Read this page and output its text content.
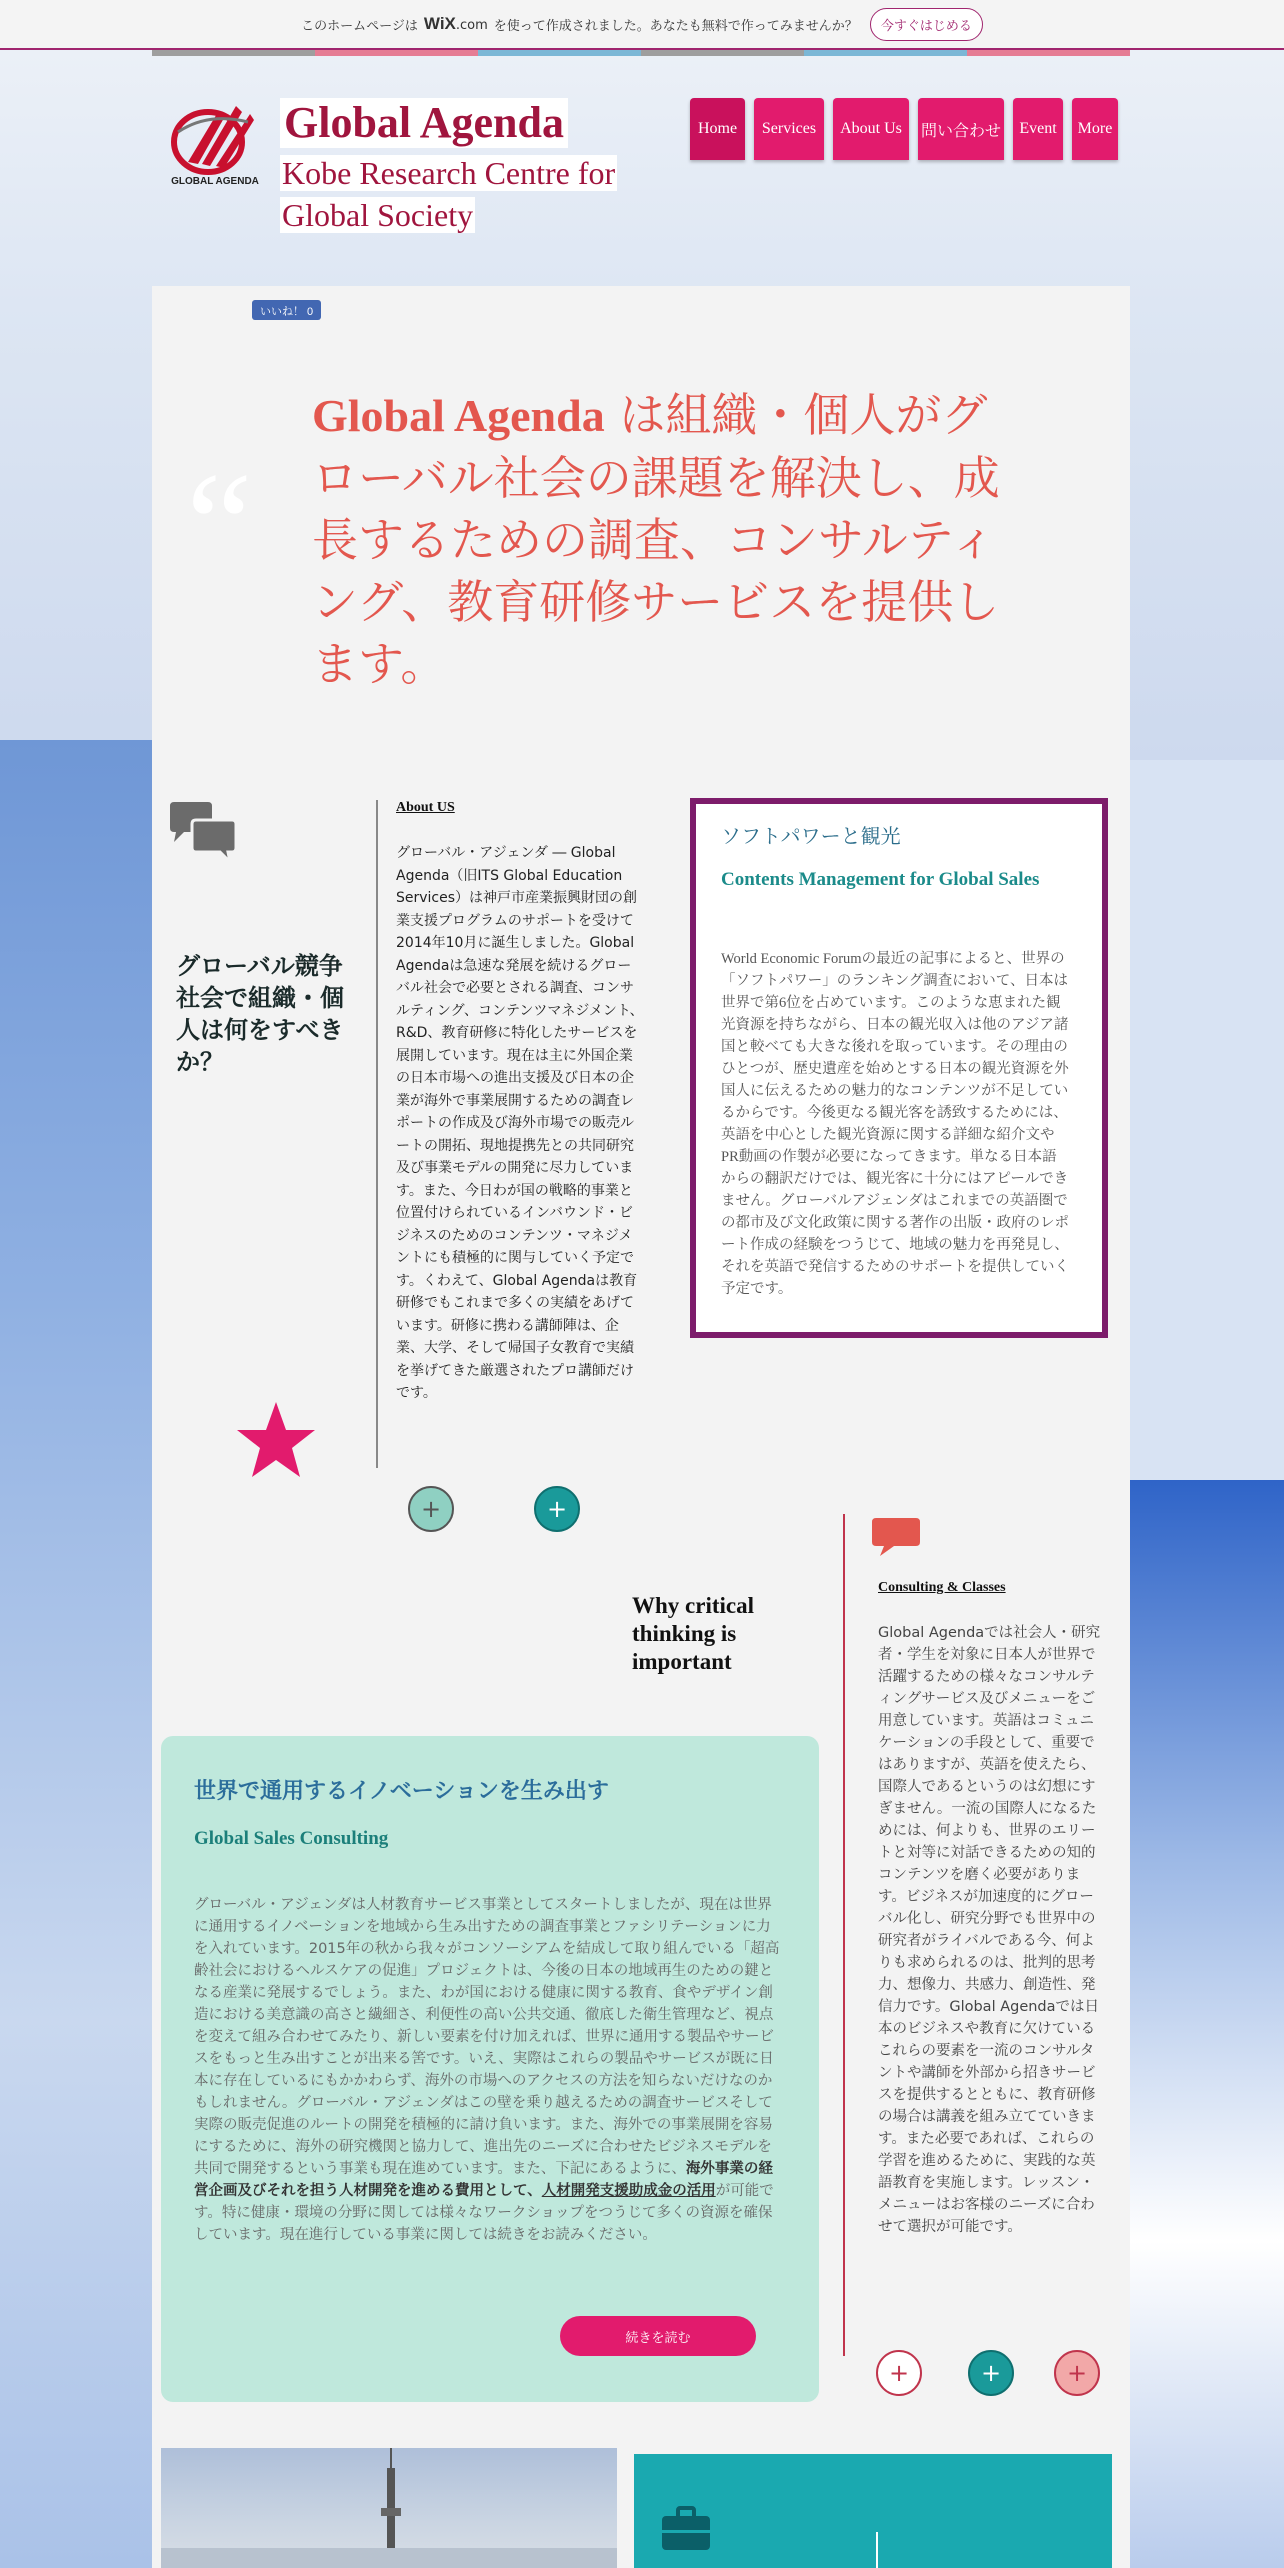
このホームページは WiX.com を使って作成されました。あなたも無料で作ってみませんか？	今すぐはじめる
GLOBAL AGENDA
Global Agenda
Kobe Research Centre for
Global Society
Home	Services	About Us	問い合わせ	Event	More
いいね！ 0
“
Global Agenda は組織・個人がグローバル社会の課題を解決し、成長するための調査、コンサルティング、教育研修サービスを提供します。
グローバル競争社会で組織・個人は何をすべきか？
About US
グローバル・アジェンダ ― Global Agenda（旧ITS Global Education Services）は神戸市産業振興財団の創業支援プログラムのサポートを受けて2014年10月に誕生しました。Global Agendaは急速な発展を続けるグローバル社会で必要とされる調査、コンサルティング、コンテンツマネジメント、R&D、教育研修に特化したサービスを展開しています。現在は主に外国企業の日本市場への進出支援及び日本の企業が海外で事業展開するための調査レポートの作成及び海外市場での販売ルートの開拓、現地提携先との共同研究及び事業モデルの開発に尽力しています。また、今日わが国の戦略的事業と位置付けられているインバウンド・ビジネスのためのコンテンツ・マネジメントにも積極的に関与していく予定です。くわえて、Global Agendaは教育研修でもこれまで多くの実績をあげています。研修に携わる講師陣は、企業、大学、そして帰国子女教育で実績を挙げてきた厳選されたプロ講師だけです。
ソフトパワーと観光
Contents Management for Global Sales
World Economic Forumの最近の記事によると、世界の「ソフトパワー」のランキング調査において、日本は世界で第6位を占めています。このような恵まれた観光資源を持ちながら、日本の観光収入は他のアジア諸国と較べても大きな後れを取っています。その理由のひとつが、歴史遺産を始めとする日本の観光資源を外国人に伝えるための魅力的なコンテンツが不足しているからです。今後更なる観光客を誘致するためには、英語を中心とした観光資源に関する詳細な紹介文やPR動画の作製が必要になってきます。単なる日本語からの翻訳だけでは、観光客に十分にはアピールできません。グローバルアジェンダはこれまでの英語圏での都市及び文化政策に関する著作の出版・政府のレポート作成の経験をつうじて、地域の魅力を再発見し、それを英語で発信するためのサポートを提供していく予定です。
+	+
Why critical thinking is important
世界で通用するイノベーションを生み出す
Global Sales Consulting
グローバル・アジェンダは人材教育サービス事業としてスタートしましたが、現在は世界に通用するイノベーションを地域から生み出すための調査事業とファシリテーションに力を入れています。2015年の秋から我々がコンソーシアムを結成して取り組んでいる「超高齢社会におけるヘルスケアの促進」プロジェクトは、今後の日本の地域再生のための鍵となる産業に発展するでしょう。また、わが国における健康に関する教育、食やデザイン創造における美意識の高さと繊細さ、利便性の高い公共交通、徹底した衛生管理など、視点を変えて組み合わせてみたり、新しい要素を付け加えれば、世界に通用する製品やサービスをもっと生み出すことが出来る筈です。いえ、実際はこれらの製品やサービスが既に日本に存在しているにもかかわらず、海外の市場へのアクセスの方法を知らないだけなのかもしれません。グローバル・アジェンダはこの壁を乗り越えるための調査サービスそして実際の販売促進のルートの開発を積極的に請け負います。また、海外での事業展開を容易にするために、海外の研究機関と協力して、進出先のニーズに合わせたビジネスモデルを共同で開発するという事業も現在進めています。また、下記にあるように、海外事業の経営企画及びそれを担う人材開発を進める費用として、人材開発支援助成金の活用が可能です。特に健康・環境の分野に関しては様々なワークショップをつうじて多くの資源を確保しています。現在進行している事業に関しては続きをお読みください。
続きを読む
Consulting & Classes
Global Agendaでは社会人・研究者・学生を対象に日本人が世界で活躍するための様々なコンサルティングサービス及びメニューをご用意しています。英語はコミュニケーションの手段として、重要ではありますが、英語を使えたら、国際人であるというのは幻想にすぎません。一流の国際人になるためには、何よりも、世界のエリートと対等に対話できるための知的コンテンツを磨く必要があります。ビジネスが加速度的にグローバル化し、研究分野でも世界中の研究者がライバルである今、何よりも求められるのは、批判的思考力、想像力、共感力、創造性、発信力です。Global Agendaでは日本のビジネスや教育に欠けているこれらの要素を一流のコンサルタントや講師を外部から招きサービスを提供するとともに、教育研修の場合は講義を組み立てていきます。また必要であれば、これらの学習を進めるために、実践的な英語教育を実施します。レッスン・メニューはお客様のニーズに合わせて選択が可能です。
+	+	+
